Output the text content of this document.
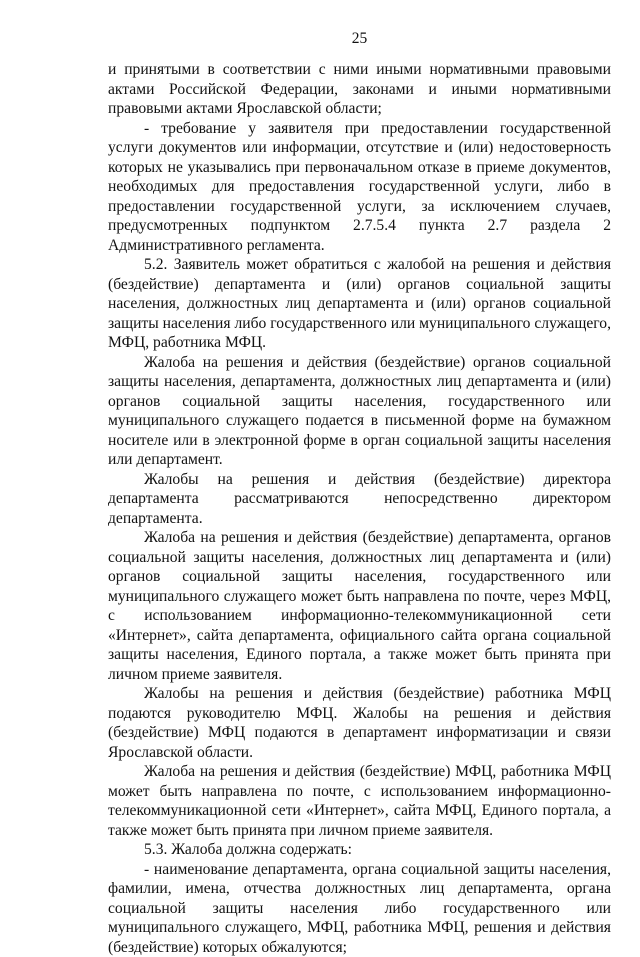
25

и принятыми в соответствии с ними иными нормативными правовыми актами Российской Федерации, законами и иными нормативными правовыми актами Ярославской области;

- требование у заявителя при предоставлении государственной услуги документов или информации, отсутствие и (или) недостоверность которых не указывались при первоначальном отказе в приеме документов, необходимых для предоставления государственной услуги, либо в предоставлении государственной услуги, за исключением случаев, предусмотренных подпунктом 2.7.5.4 пункта 2.7 раздела 2 Административного регламента.

5.2. Заявитель может обратиться с жалобой на решения и действия (бездействие) департамента и (или) органов социальной защиты населения, должностных лиц департамента и (или) органов социальной защиты населения либо государственного или муниципального служащего, МФЦ, работника МФЦ.

Жалоба на решения и действия (бездействие) органов социальной защиты населения, департамента, должностных лиц департамента и (или) органов социальной защиты населения, государственного или муниципального служащего подается в письменной форме на бумажном носителе или в электронной форме в орган социальной защиты населения или департамент.

Жалобы на решения и действия (бездействие) директора департамента рассматриваются непосредственно директором департамента.

Жалоба на решения и действия (бездействие) департамента, органов социальной защиты населения, должностных лиц департамента и (или) органов социальной защиты населения, государственного или муниципального служащего может быть направлена по почте, через МФЦ, с использованием информационно-телекоммуникационной сети «Интернет», сайта департамента, официального сайта органа социальной защиты населения, Единого портала, а также может быть принята при личном приеме заявителя.

Жалобы на решения и действия (бездействие) работника МФЦ подаются руководителю МФЦ. Жалобы на решения и действия (бездействие) МФЦ подаются в департамент информатизации и связи Ярославской области.

Жалоба на решения и действия (бездействие) МФЦ, работника МФЦ может быть направлена по почте, с использованием информационно-телекоммуникационной сети «Интернет», сайта МФЦ, Единого портала, а также может быть принята при личном приеме заявителя.

5.3. Жалоба должна содержать:

- наименование департамента, органа социальной защиты населения, фамилии, имена, отчества должностных лиц департамента, органа социальной защиты населения либо государственного или муниципального служащего, МФЦ, работника МФЦ, решения и действия (бездействие) которых обжалуются;
